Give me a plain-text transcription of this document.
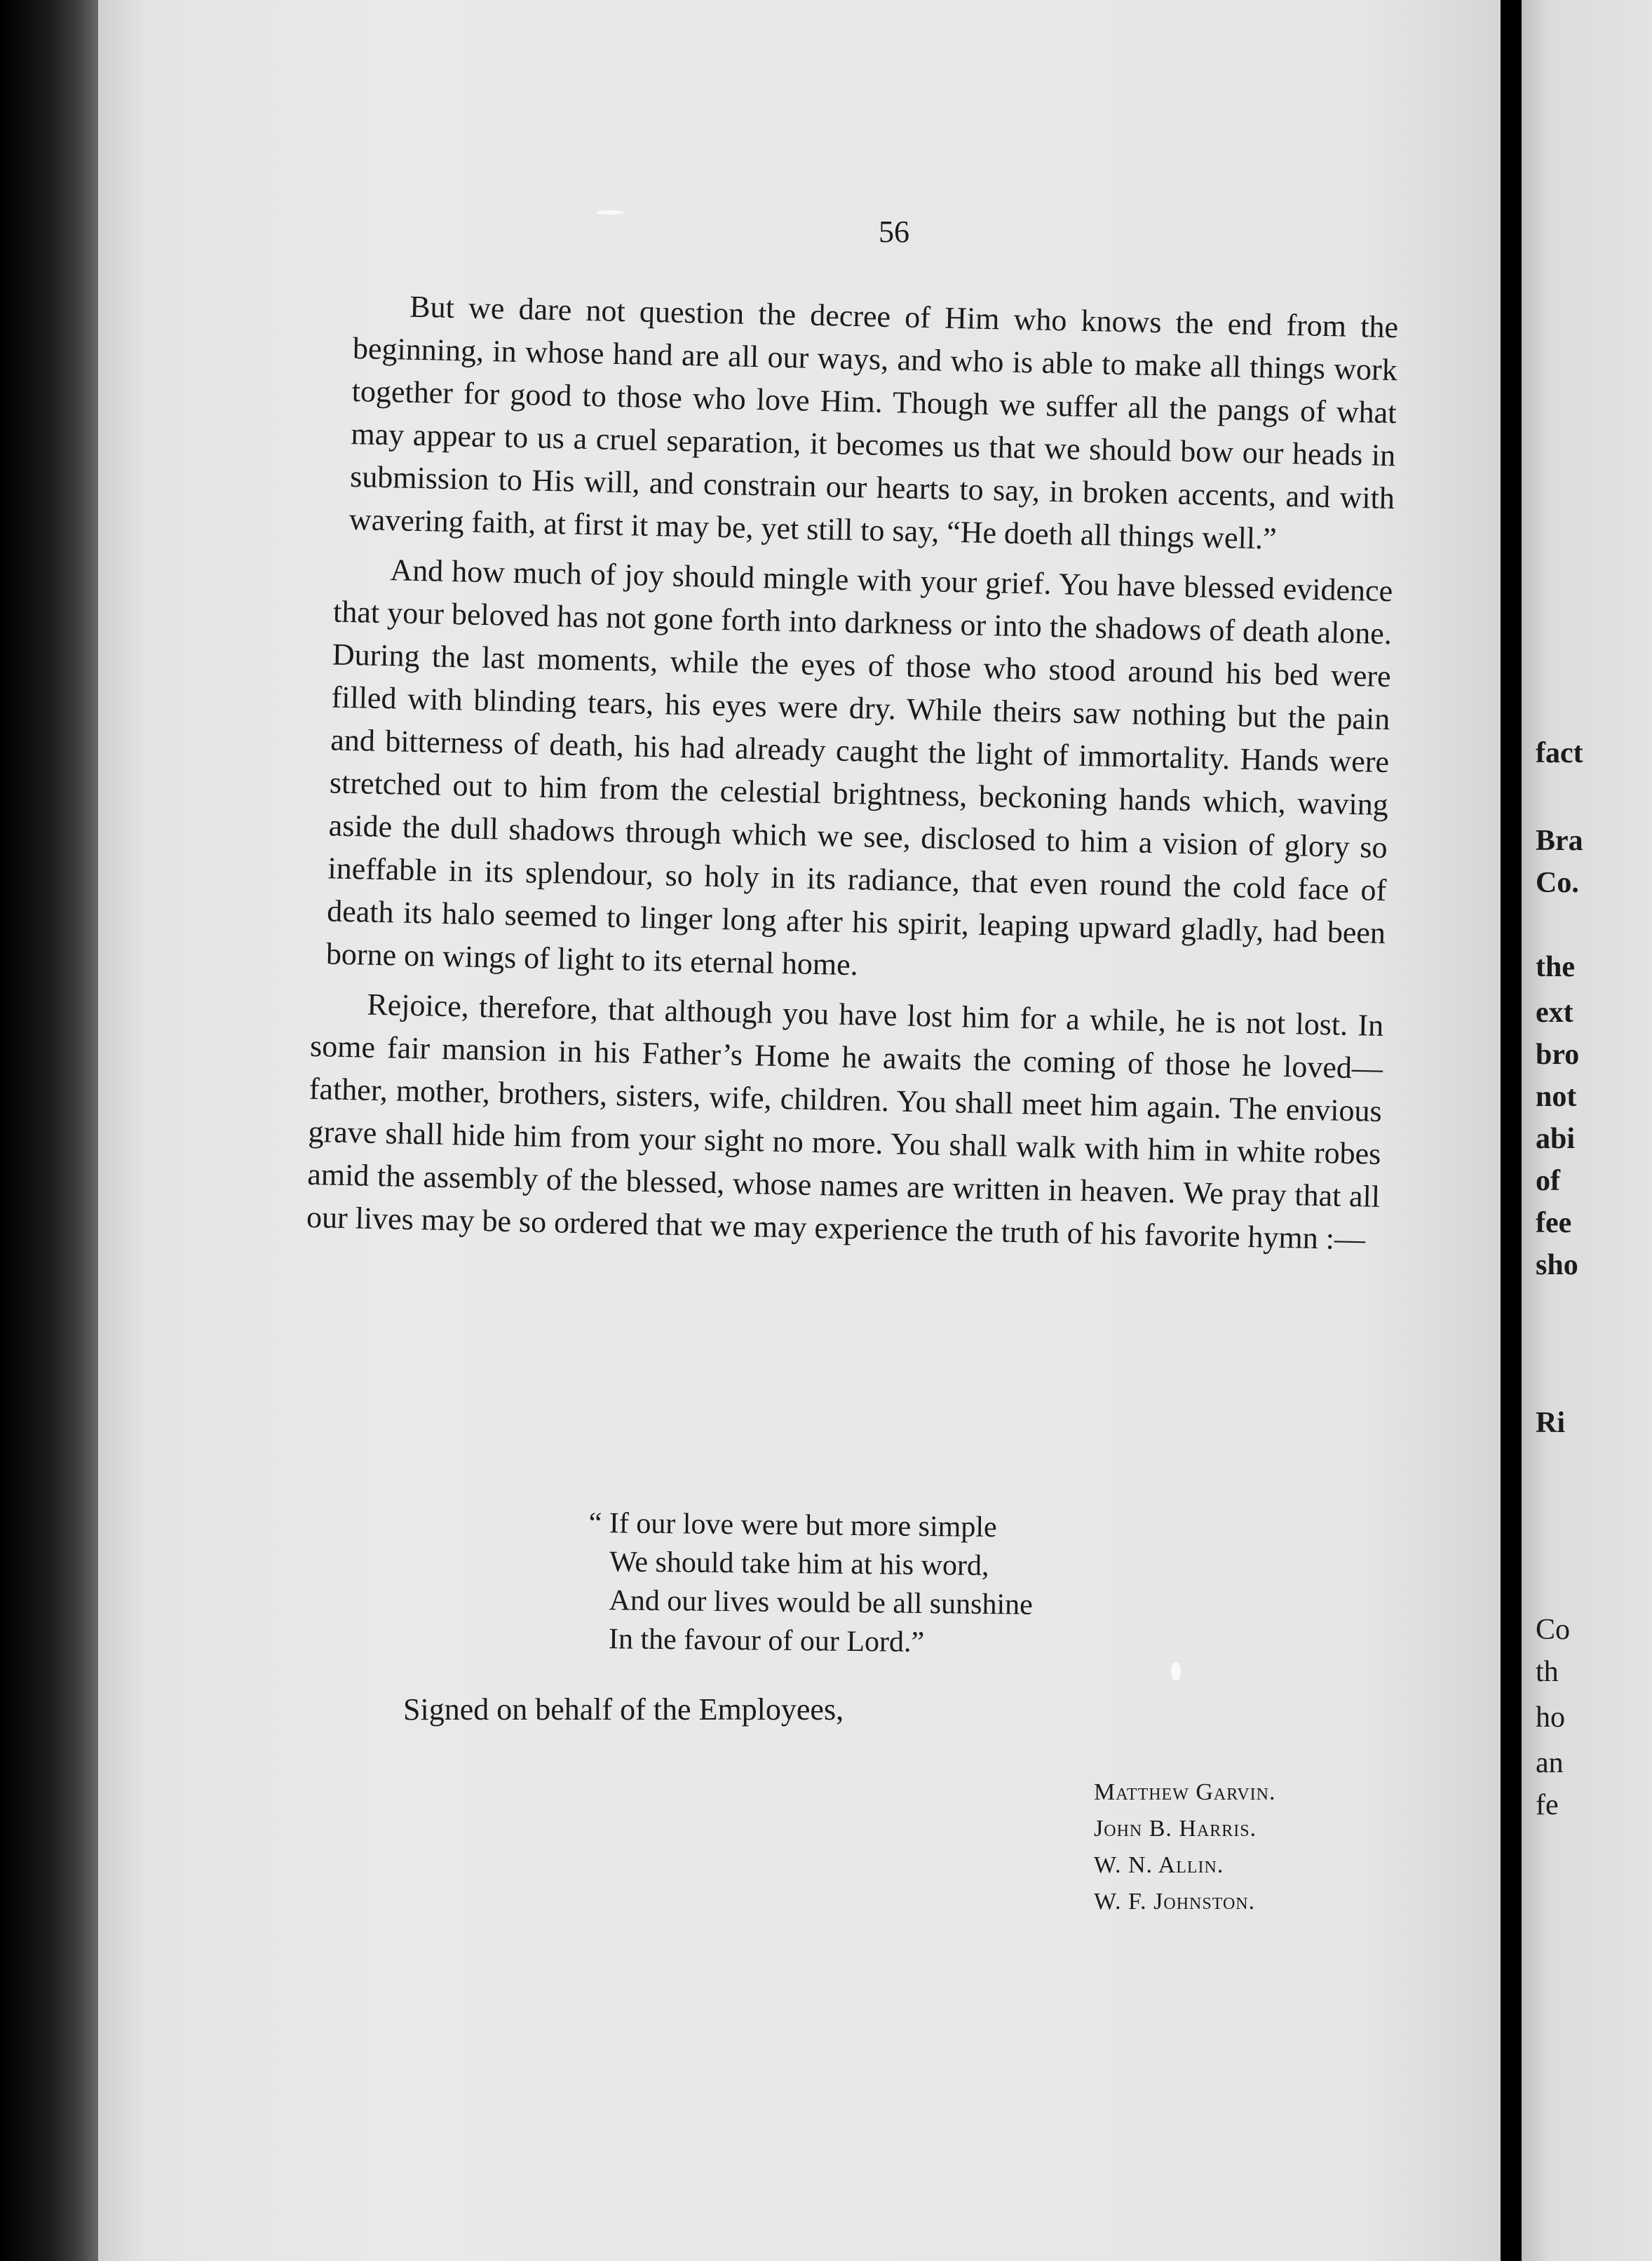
56

But we dare not question the decree of Him who knows the end from the beginning, in whose hand are all our ways, and who is able to make all things work together for good to those who love Him. Though we suffer all the pangs of what may appear to us a cruel separation, it becomes us that we should bow our heads in submission to His will, and constrain our hearts to say, in broken accents, and with wavering faith, at first it may be, yet still to say, “He doeth all things well.”

And how much of joy should mingle with your grief. You have blessed evidence that your beloved has not gone forth into darkness or into the shadows of death alone. During the last moments, while the eyes of those who stood around his bed were filled with blinding tears, his eyes were dry. While theirs saw nothing but the pain and bitterness of death, his had already caught the light of immortality. Hands were stretched out to him from the celestial brightness, beckoning hands which, waving aside the dull shadows through which we see, disclosed to him a vision of glory so ineffable in its splendour, so holy in its radiance, that even round the cold face of death its halo seemed to linger long after his spirit, leaping upward gladly, had been borne on wings of light to its eternal home.

Rejoice, therefore, that although you have lost him for a while, he is not lost. In some fair mansion in his Father’s Home he awaits the coming of those he loved—father, mother, brothers, sisters, wife, children. You shall meet him again. The envious grave shall hide him from your sight no more. You shall walk with him in white robes amid the assembly of the blessed, whose names are written in heaven. We pray that all our lives may be so ordered that we may experience the truth of his favorite hymn :—

“ If our love were but more simple
We should take him at his word,
And our lives would be all sunshine
In the favour of our Lord.”
Signed on behalf of the Employees,
Matthew Garvin.
John B. Harris.
W. N. Allin.
W. F. Johnston.
fact
Bra
Co.
the
ext
bro
not
abi
of
fee
sho
Ri
Co
th
ho
an
fe
